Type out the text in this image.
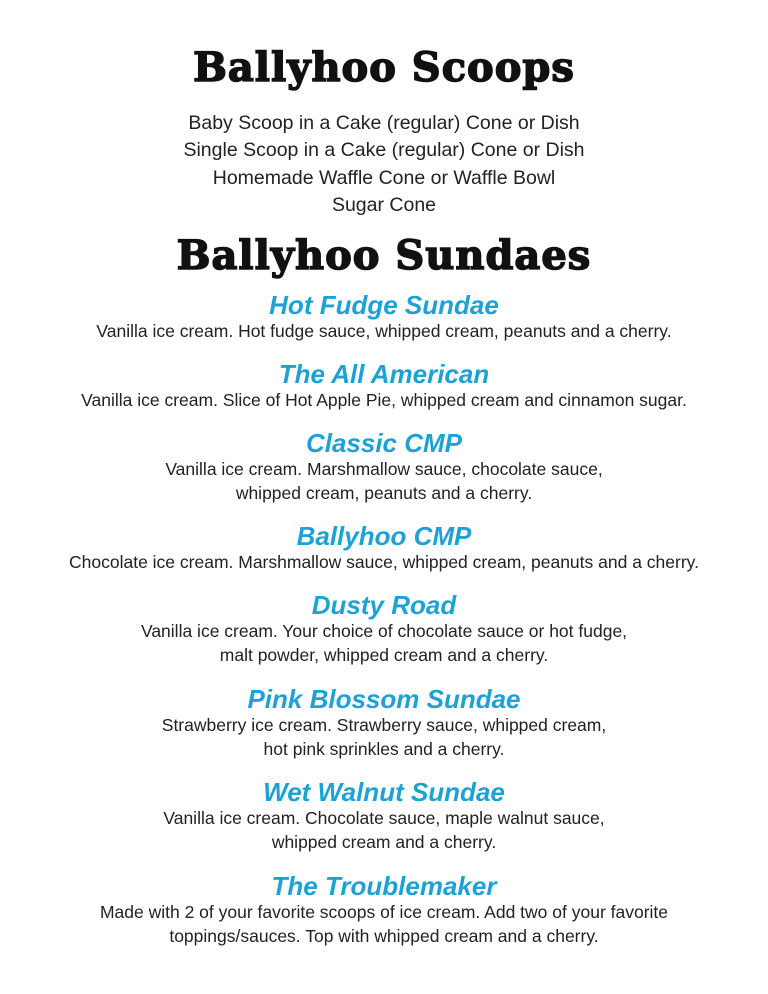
Ballyhoo Scoops
Baby Scoop in a Cake (regular) Cone or Dish
Single Scoop in a Cake (regular) Cone or Dish
Homemade Waffle Cone or Waffle Bowl
Sugar Cone
Ballyhoo Sundaes
Hot Fudge Sundae
Vanilla ice cream. Hot fudge sauce, whipped cream, peanuts and a cherry.
The All American
Vanilla ice cream. Slice of Hot Apple Pie, whipped cream and cinnamon sugar.
Classic CMP
Vanilla ice cream. Marshmallow sauce, chocolate sauce,
whipped cream, peanuts and a cherry.
Ballyhoo CMP
Chocolate ice cream. Marshmallow sauce, whipped cream, peanuts and a cherry.
Dusty Road
Vanilla ice cream. Your choice of chocolate sauce or hot fudge,
malt powder, whipped cream and a cherry.
Pink Blossom Sundae
Strawberry ice cream. Strawberry sauce, whipped cream,
hot pink sprinkles and a cherry.
Wet Walnut Sundae
Vanilla ice cream. Chocolate sauce, maple walnut sauce,
whipped cream and a cherry.
The Troublemaker
Made with 2 of your favorite scoops of ice cream. Add two of your favorite
toppings/sauces. Top with whipped cream and a cherry.
